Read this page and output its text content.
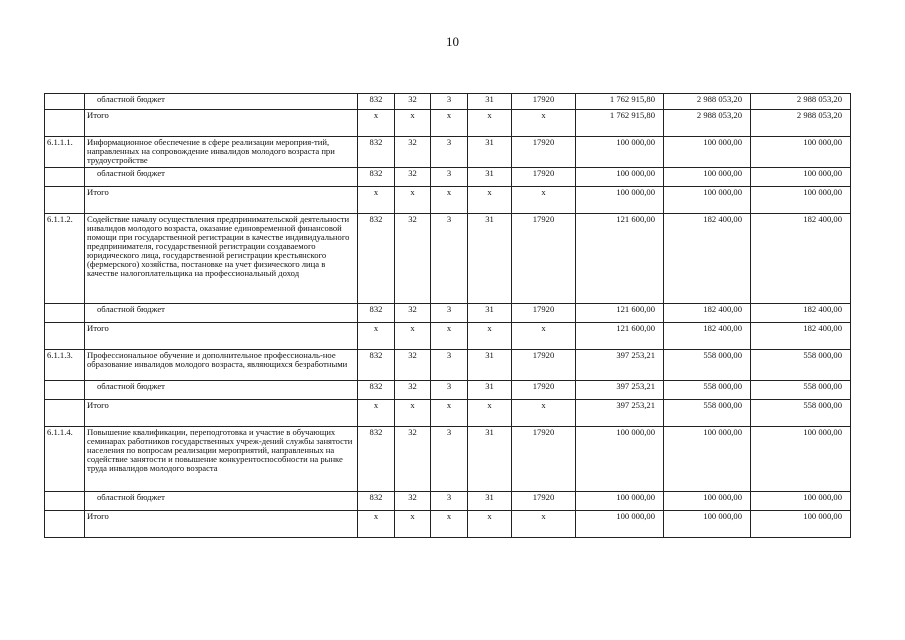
10
	областной бюджет	832	32	3	31	17920	1 762 915,80	2 988 053,20	2 988 053,20
	Итого	х	х	х	х	х	1 762 915,80	2 988 053,20	2 988 053,20
6.1.1.1.	Информационное обеспечение в сфере реализации мероприя-тий, направленных на сопровождение инвалидов молодого возраста при трудоустройстве	832	32	3	31	17920	100 000,00	100 000,00	100 000,00
	областной бюджет	832	32	3	31	17920	100 000,00	100 000,00	100 000,00
	Итого	х	х	х	х	х	100 000,00	100 000,00	100 000,00
6.1.1.2.	Содействие началу осуществления предпринимательской деятельности инвалидов молодого возраста, оказание единовременной финансовой помощи при государственной регистрации в качестве индивидуального предпринимателя, государственной регистрации создаваемого юридического лица, государственной регистрации крестьянского (фермерского) хозяйства, постановке на учет физического лица в качестве налогоплательщика на профессиональный доход	832	32	3	31	17920	121 600,00	182 400,00	182 400,00
	областной бюджет	832	32	3	31	17920	121 600,00	182 400,00	182 400,00
	Итого	х	х	х	х	х	121 600,00	182 400,00	182 400,00
6.1.1.3.	Профессиональное обучение и дополнительное профессиональ-ное образование инвалидов молодого возраста, являющихся безработными	832	32	3	31	17920	397 253,21	558 000,00	558 000,00
	областной бюджет	832	32	3	31	17920	397 253,21	558 000,00	558 000,00
	Итого	х	х	х	х	х	397 253,21	558 000,00	558 000,00
6.1.1.4.	Повышение квалификации, переподготовка и участие в обучающих семинарах работников государственных учреж-дений службы занятости населения по вопросам реализации мероприятий, направленных на содействие занятости и повышение конкурентоспособности на рынке труда инвалидов молодого возраста	832	32	3	31	17920	100 000,00	100 000,00	100 000,00
	областной бюджет	832	32	3	31	17920	100 000,00	100 000,00	100 000,00
	Итого	х	х	х	х	х	100 000,00	100 000,00	100 000,00
